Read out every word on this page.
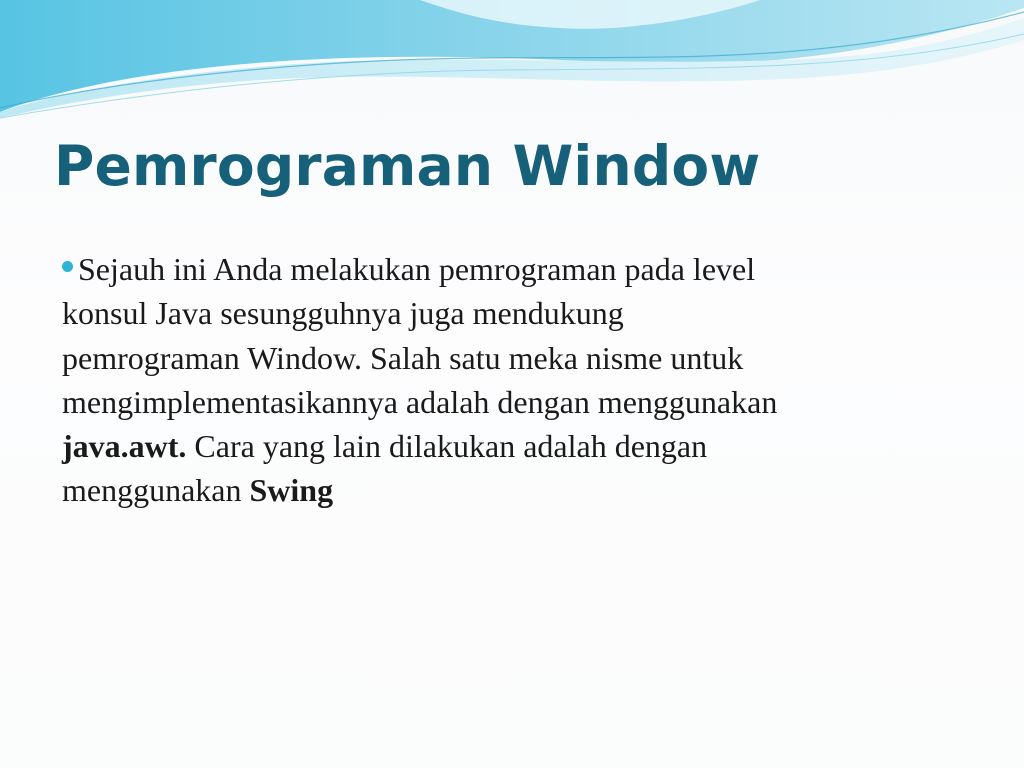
Pemrograman Window
Sejauh ini Anda melakukan pemrograman pada level
konsul Java sesungguhnya juga mendukung
pemrograman Window. Salah satu meka nisme untuk
mengimplementasikannya adalah dengan menggunakan
java.awt. Cara yang lain dilakukan adalah dengan
menggunakan Swing
